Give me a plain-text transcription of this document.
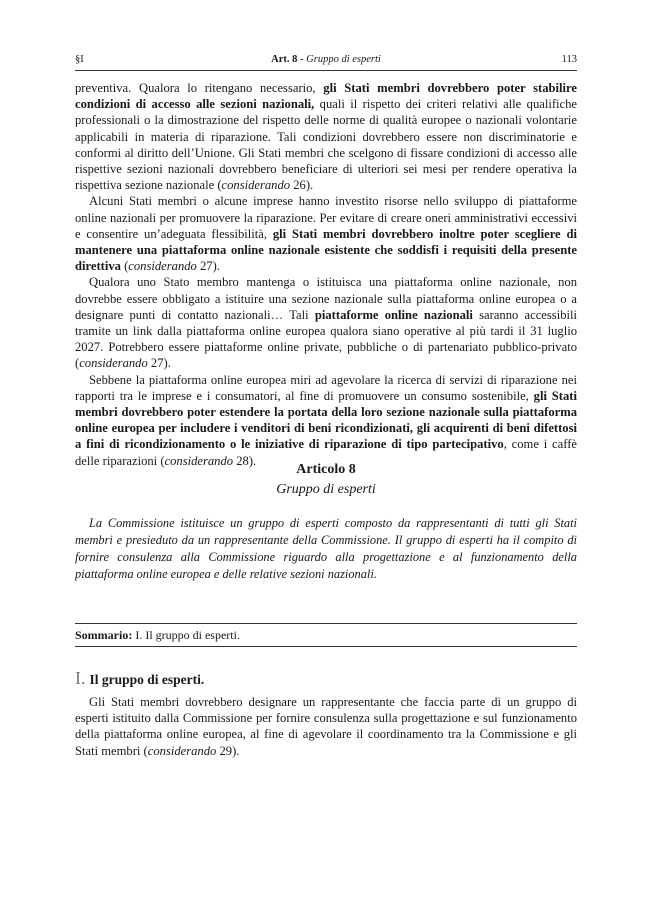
§I	Art. 8 - Gruppo di esperti	113

preventiva. Qualora lo ritengano necessario, gli Stati membri dovrebbero poter stabilire condizioni di accesso alle sezioni nazionali, quali il rispetto dei criteri relativi alle qualifiche professionali o la dimostrazione del rispetto delle norme di qualità europee o nazionali volontarie applicabili in materia di riparazione. Tali condizioni dovrebbero essere non discriminatorie e conformi al diritto dell’Unione. Gli Stati membri che scelgono di fissare condizioni di accesso alle rispettive sezioni nazionali dovrebbero beneficiare di ulteriori sei mesi per rendere operativa la rispettiva sezione nazionale (considerando 26).

Alcuni Stati membri o alcune imprese hanno investito risorse nello sviluppo di piattaforme online nazionali per promuovere la riparazione. Per evitare di creare oneri amministrativi eccessivi e consentire un’adeguata flessibilità, gli Stati membri dovrebbero inoltre poter scegliere di mantenere una piattaforma online nazionale esistente che soddisfi i requisiti della presente direttiva (considerando 27).

Qualora uno Stato membro mantenga o istituisca una piattaforma online nazionale, non dovrebbe essere obbligato a istituire una sezione nazionale sulla piattaforma online europea o a designare punti di contatto nazionali… Tali piattaforme online nazionali saranno accessibili tramite un link dalla piattaforma online europea qualora siano operative al più tardi il 31 luglio 2027. Potrebbero essere piattaforme online private, pubbliche o di partenariato pubblico-privato (considerando 27).

Sebbene la piattaforma online europea miri ad agevolare la ricerca di servizi di riparazione nei rapporti tra le imprese e i consumatori, al fine di promuovere un consumo sostenibile, gli Stati membri dovrebbero poter estendere la portata della loro sezione nazionale sulla piattaforma online europea per includere i venditori di beni ricondizionati, gli acquirenti di beni difettosi a fini di ricondizionamento o le iniziative di riparazione di tipo partecipativo, come i caffè delle riparazioni (considerando 28).

Articolo 8
Gruppo di esperti

La Commissione istituisce un gruppo di esperti composto da rappresentanti di tutti gli Stati membri e presieduto da un rappresentante della Commissione. Il gruppo di esperti ha il compito di fornire consulenza alla Commissione riguardo alla progettazione e al funzionamento della piattaforma online europea e delle relative sezioni nazionali.

Sommario: I. Il gruppo di esperti.
I. Il gruppo di esperti.

Gli Stati membri dovrebbero designare un rappresentante che faccia parte di un gruppo di esperti istituito dalla Commissione per fornire consulenza sulla progettazione e sul funzionamento della piattaforma online europea, al fine di agevolare il coordinamento tra la Commissione e gli Stati membri (considerando 29).
